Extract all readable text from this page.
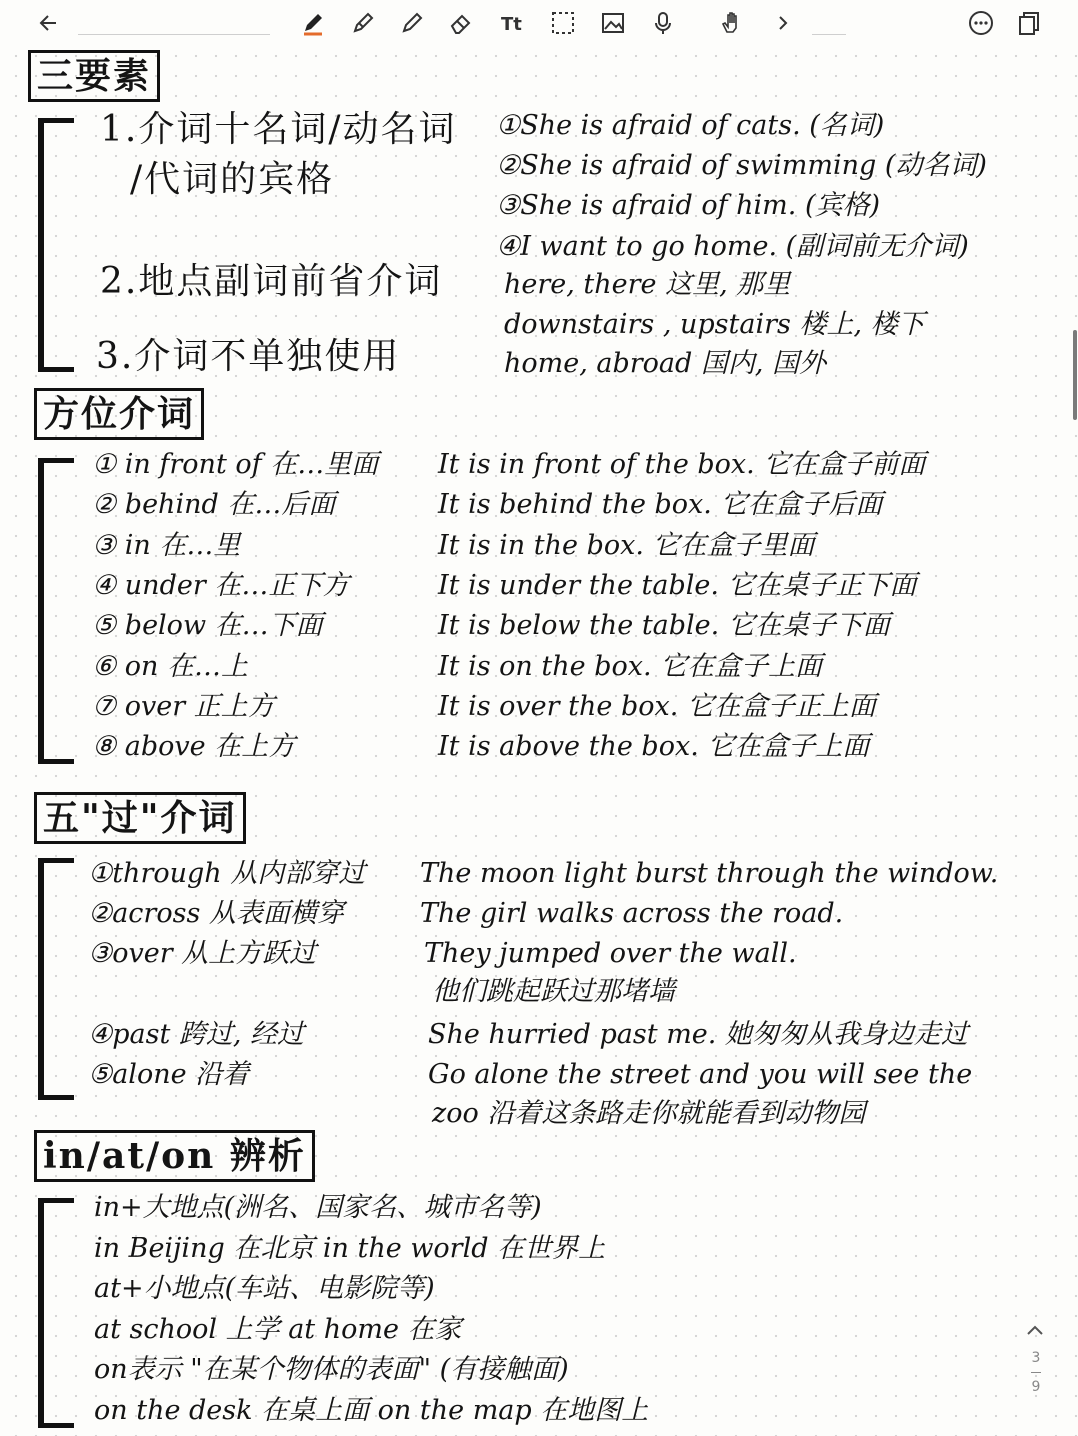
Tt
三要素
1.介词十名词/动名词
/代词的宾格
2.地点副词前省介词
3.介词不单独使用
①She is afraid of cats. (名词)
②She is afraid of swimming (动名词)
③She is afraid of him. (宾格)
④I want to go home. (副词前无介词)
here, there 这里, 那里
downstairs , upstairs 楼上, 楼下
home, abroad 国内, 国外
方位介词
① in front of 在…里面 It is in front of the box. 它在盒子前面
② behind 在…后面	It is behind the box. 它在盒子后面
③ in 在…里	It is in the box. 它在盒子里面
④ under 在…正下方	It is under the table. 它在桌子正下面
⑤ below 在…下面	It is below the table. 它在桌子下面
⑥ on 在…上	It is on the box. 它在盒子上面
⑦ over 正上方	It is over the box. 它在盒子正上面
⑧ above 在上方	It is above the box. 它在盒子上面
五"过"介词
①through 从内部穿过 The moon light burst through the window.
②across 从表面横穿	The girl walks across the road.
③over 从上方跃过	They jumped over the wall.
他们跳起跃过那堵墙
④past 跨过, 经过	She hurried past me. 她匆匆从我身边走过
⑤alone 沿着	Go alone the street and you will see the
zoo 沿着这条路走你就能看到动物园
in/at/on 辨析
in+大地点(洲名、国家名、城市名等)
in Beijing 在北京 in the world 在世界上
at+小地点(车站、电影院等)
at school 上学 at home 在家
on表示 "在某个物体的表面" (有接触面)
on the desk 在桌上面 on the map 在地图上
3
9
